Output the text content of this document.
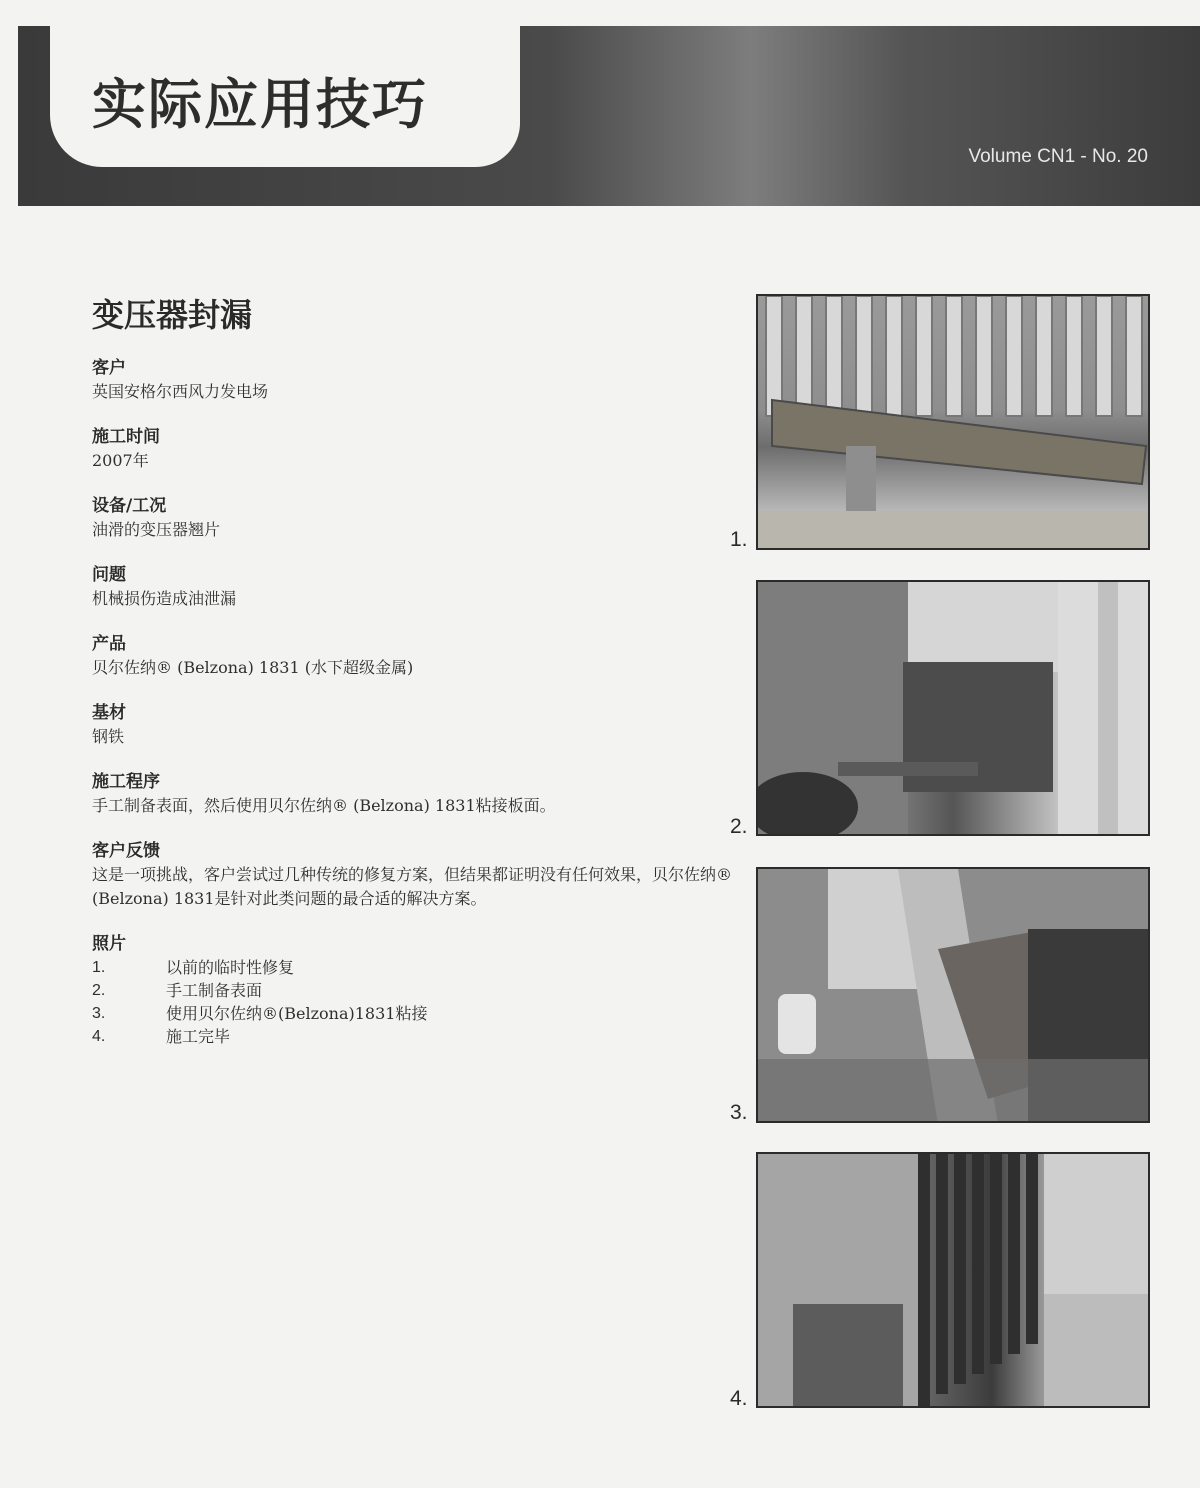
实际应用技巧
Volume CN1 - No. 20
变压器封漏
客户
英国安格尔西风力发电场
施工时间
2007年
设备/工况
油滑的变压器翘片
问题
机械损伤造成油泄漏
产品
贝尔佐纳® (Belzona) 1831 (水下超级金属)
基材
钢铁
施工程序
手工制备表面，然后使用贝尔佐纳® (Belzona) 1831粘接板面。
客户反馈
这是一项挑战，客户尝试过几种传统的修复方案，但结果都证明没有任何效果，贝尔佐纳® (Belzona) 1831是针对此类问题的最合适的解决方案。
照片
1.	以前的临时性修复
2.	手工制备表面
3.	使用贝尔佐纳®(Belzona)1831粘接
4.	施工完毕
1.
2.
3.
4.
